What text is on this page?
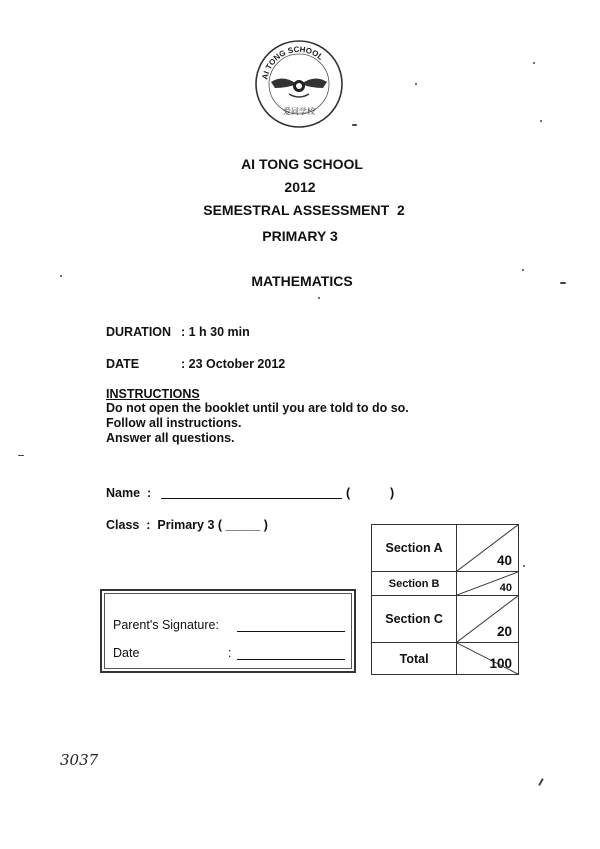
AI TONG SCHOOL
爱同学校
AI TONG SCHOOL
2012
SEMESTRAL ASSESSMENT  2
PRIMARY 3
MATHEMATICS
DURATION : 1 h 30 min
DATE	: 23 October 2012
INSTRUCTIONS
Do not open the booklet until you are told to do so.
Follow all instructions.
Answer all questions.
Name  :	(	)
Class  :  Primary 3 ( _____ )
Section A	40

Section B	40

Section C	20

Total	100
Parent's Signature:
Date	:
3037
